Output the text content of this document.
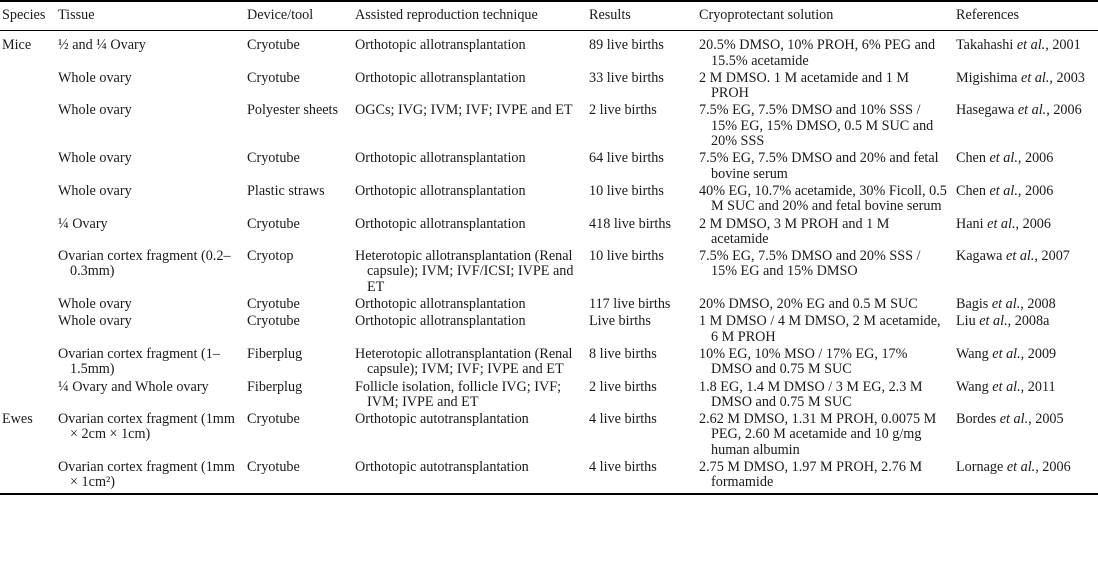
Species	Tissue	Device/tool	Assisted reproduction technique	Results	Cryoprotectant solution	References

Mice	½ and ¼ Ovary	Cryotube	Orthotopic allotransplantation	89 live births	20.5% DMSO, 10% PROH, 6% PEG and 15.5% acetamide	Takahashi et al., 2001

	Whole ovary	Cryotube	Orthotopic allotransplantation	33 live births	2 M DMSO. 1 M acetamide and 1 M PROH	Migishima et al., 2003

	Whole ovary	Polyester sheets	OGCs; IVG; IVM; IVF; IVPE and ET	2 live births	7.5% EG, 7.5% DMSO and 10% SSS / 15% EG, 15% DMSO, 0.5 M SUC and 20% SSS	Hasegawa et al., 2006

	Whole ovary	Cryotube	Orthotopic allotransplantation	64 live births	7.5% EG, 7.5% DMSO and 20% and fetal bovine serum	Chen et al., 2006

	Whole ovary	Plastic straws	Orthotopic allotransplantation	10 live births	40% EG, 10.7% acetamide, 30% Ficoll, 0.5 M SUC and 20% and fetal bovine serum	Chen et al., 2006

	¼ Ovary	Cryotube	Orthotopic allotransplantation	418 live births	2 M DMSO, 3 M PROH and 1 M acetamide	Hani et al., 2006

	Ovarian cortex fragment (0.2–0.3mm)	Cryotop	Heterotopic allotransplantation (Renal capsule); IVM; IVF/ICSI; IVPE and ET	10 live births	7.5% EG, 7.5% DMSO and 20% SSS / 15% EG and 15% DMSO	Kagawa et al., 2007

	Whole ovary	Cryotube	Orthotopic allotransplantation	117 live births	20% DMSO, 20% EG and 0.5 M SUC	Bagis et al., 2008

	Whole ovary	Cryotube	Orthotopic allotransplantation	Live births	1 M DMSO / 4 M DMSO, 2 M acetamide, 6 M PROH	Liu et al., 2008a

	Ovarian cortex fragment (1–1.5mm)	Fiberplug	Heterotopic allotransplantation (Renal capsule); IVM; IVF; IVPE and ET	8 live births	10% EG, 10% MSO / 17% EG, 17% DMSO and 0.75 M SUC	Wang et al., 2009

	¼ Ovary and Whole ovary	Fiberplug	Follicle isolation, follicle IVG; IVF; IVM; IVPE and ET	2 live births	1.8 EG, 1.4 M DMSO / 3 M EG, 2.3 M DMSO and 0.75 M SUC	Wang et al., 2011

Ewes	Ovarian cortex fragment (1mm × 2cm × 1cm)	Cryotube	Orthotopic autotransplantation	4 live births	2.62 M DMSO, 1.31 M PROH, 0.0075 M PEG, 2.60 M acetamide and 10 g/mg human albumin	Bordes et al., 2005

	Ovarian cortex fragment (1mm × 1cm²)	Cryotube	Orthotopic autotransplantation	4 live births	2.75 M DMSO, 1.97 M PROH, 2.76 M formamide	Lornage et al., 2006
